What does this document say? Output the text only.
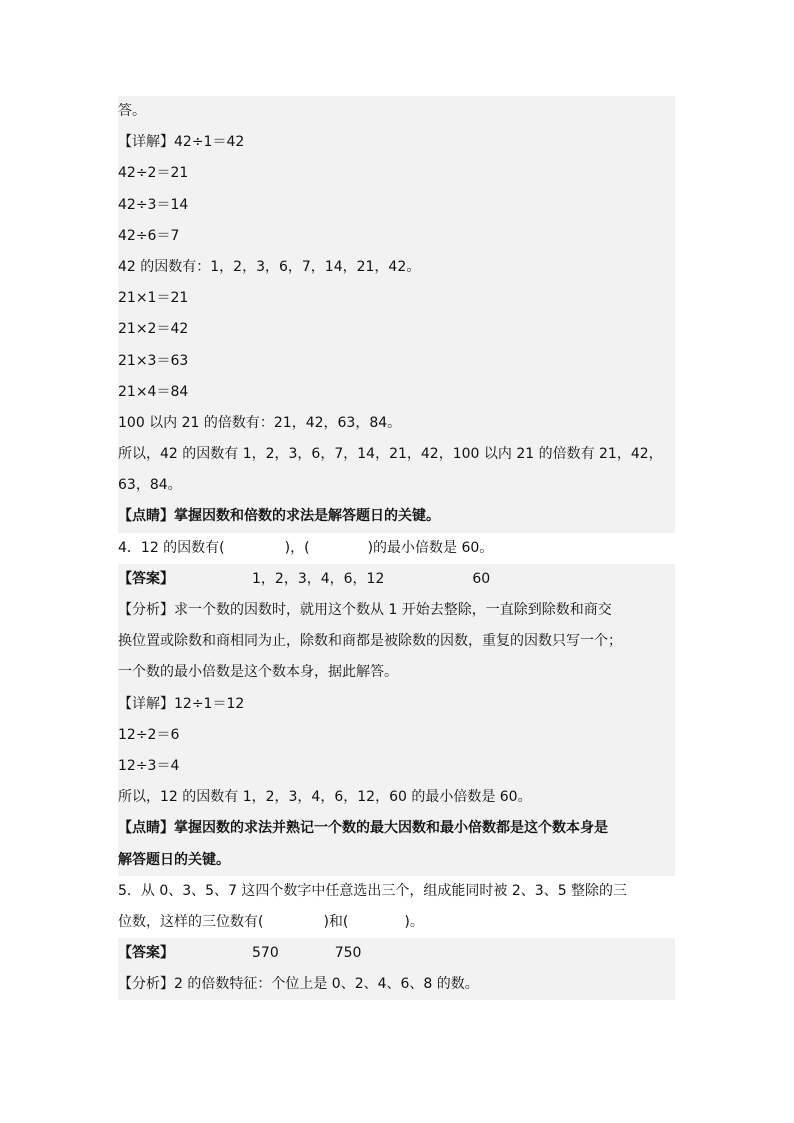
答。
【详解】42÷1＝42
42÷2＝21
42÷3＝14
42÷6＝7
42 的因数有：1，2，3，6，7，14，21，42。
21×1＝21
21×2＝42
21×3＝63
21×4＝84
100 以内 21 的倍数有：21，42，63，84。
所以，42 的因数有 1，2，3，6，7，14，21，42，100 以内 21 的倍数有 21，42，
63，84。
【点睛】掌握因数和倍数的求法是解答题日的关键。
4．12 的因数有(	)，(	)的最小倍数是 60。
【答案】	1，2，3，4，6，12	60
【分析】求一个数的因数时，就用这个数从 1 开始去整除，一直除到除数和商交
换位置或除数和商相同为止，除数和商都是被除数的因数，重复的因数只写一个；
一个数的最小倍数是这个数本身，据此解答。
【详解】12÷1＝12
12÷2＝6
12÷3＝4
所以，12 的因数有 1，2，3，4，6，12，60 的最小倍数是 60。
【点睛】掌握因数的求法并熟记一个数的最大因数和最小倍数都是这个数本身是
解答题日的关键。
5．从 0、3、5、7 这四个数字中任意选出三个，组成能同时被 2、3、5 整除的三
位数，这样的三位数有(	)和(	)。
【答案】	570	750
【分析】2 的倍数特征：个位上是 0、2、4、6、8 的数。
